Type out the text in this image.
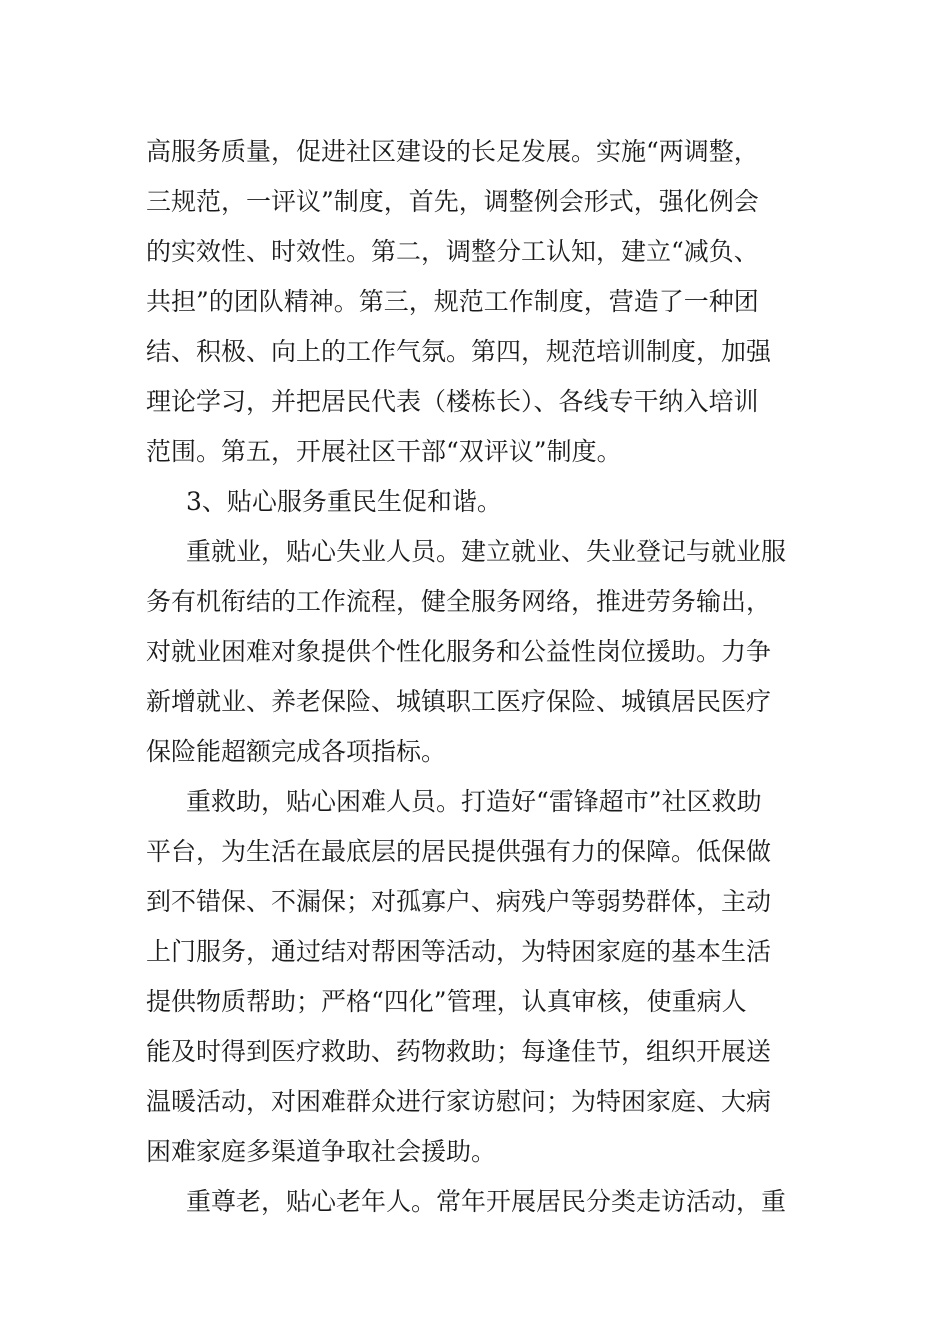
高服务质量，促进社区建设的长足发展。实施“两调整，
三规范，一评议”制度，首先，调整例会形式，强化例会
的实效性、时效性。第二，调整分工认知，建立“减负、
共担”的团队精神。第三，规范工作制度，营造了一种团
结、积极、向上的工作气氛。第四，规范培训制度，加强
理论学习，并把居民代表（楼栋长）、各线专干纳入培训
范围。第五，开展社区干部“双评议”制度。
3、贴心服务重民生促和谐。
重就业，贴心失业人员。建立就业、失业登记与就业服
务有机衔结的工作流程，健全服务网络，推进劳务输出，
对就业困难对象提供个性化服务和公益性岗位援助。力争
新增就业、养老保险、城镇职工医疗保险、城镇居民医疗
保险能超额完成各项指标。
重救助，贴心困难人员。打造好“雷锋超市”社区救助
平台，为生活在最底层的居民提供强有力的保障。低保做
到不错保、不漏保；对孤寡户、病残户等弱势群体，主动
上门服务，通过结对帮困等活动，为特困家庭的基本生活
提供物质帮助；严格“四化”管理，认真审核，使重病人
能及时得到医疗救助、药物救助；每逢佳节，组织开展送
温暖活动，对困难群众进行家访慰问；为特困家庭、大病
困难家庭多渠道争取社会援助。
重尊老，贴心老年人。常年开展居民分类走访活动，重
